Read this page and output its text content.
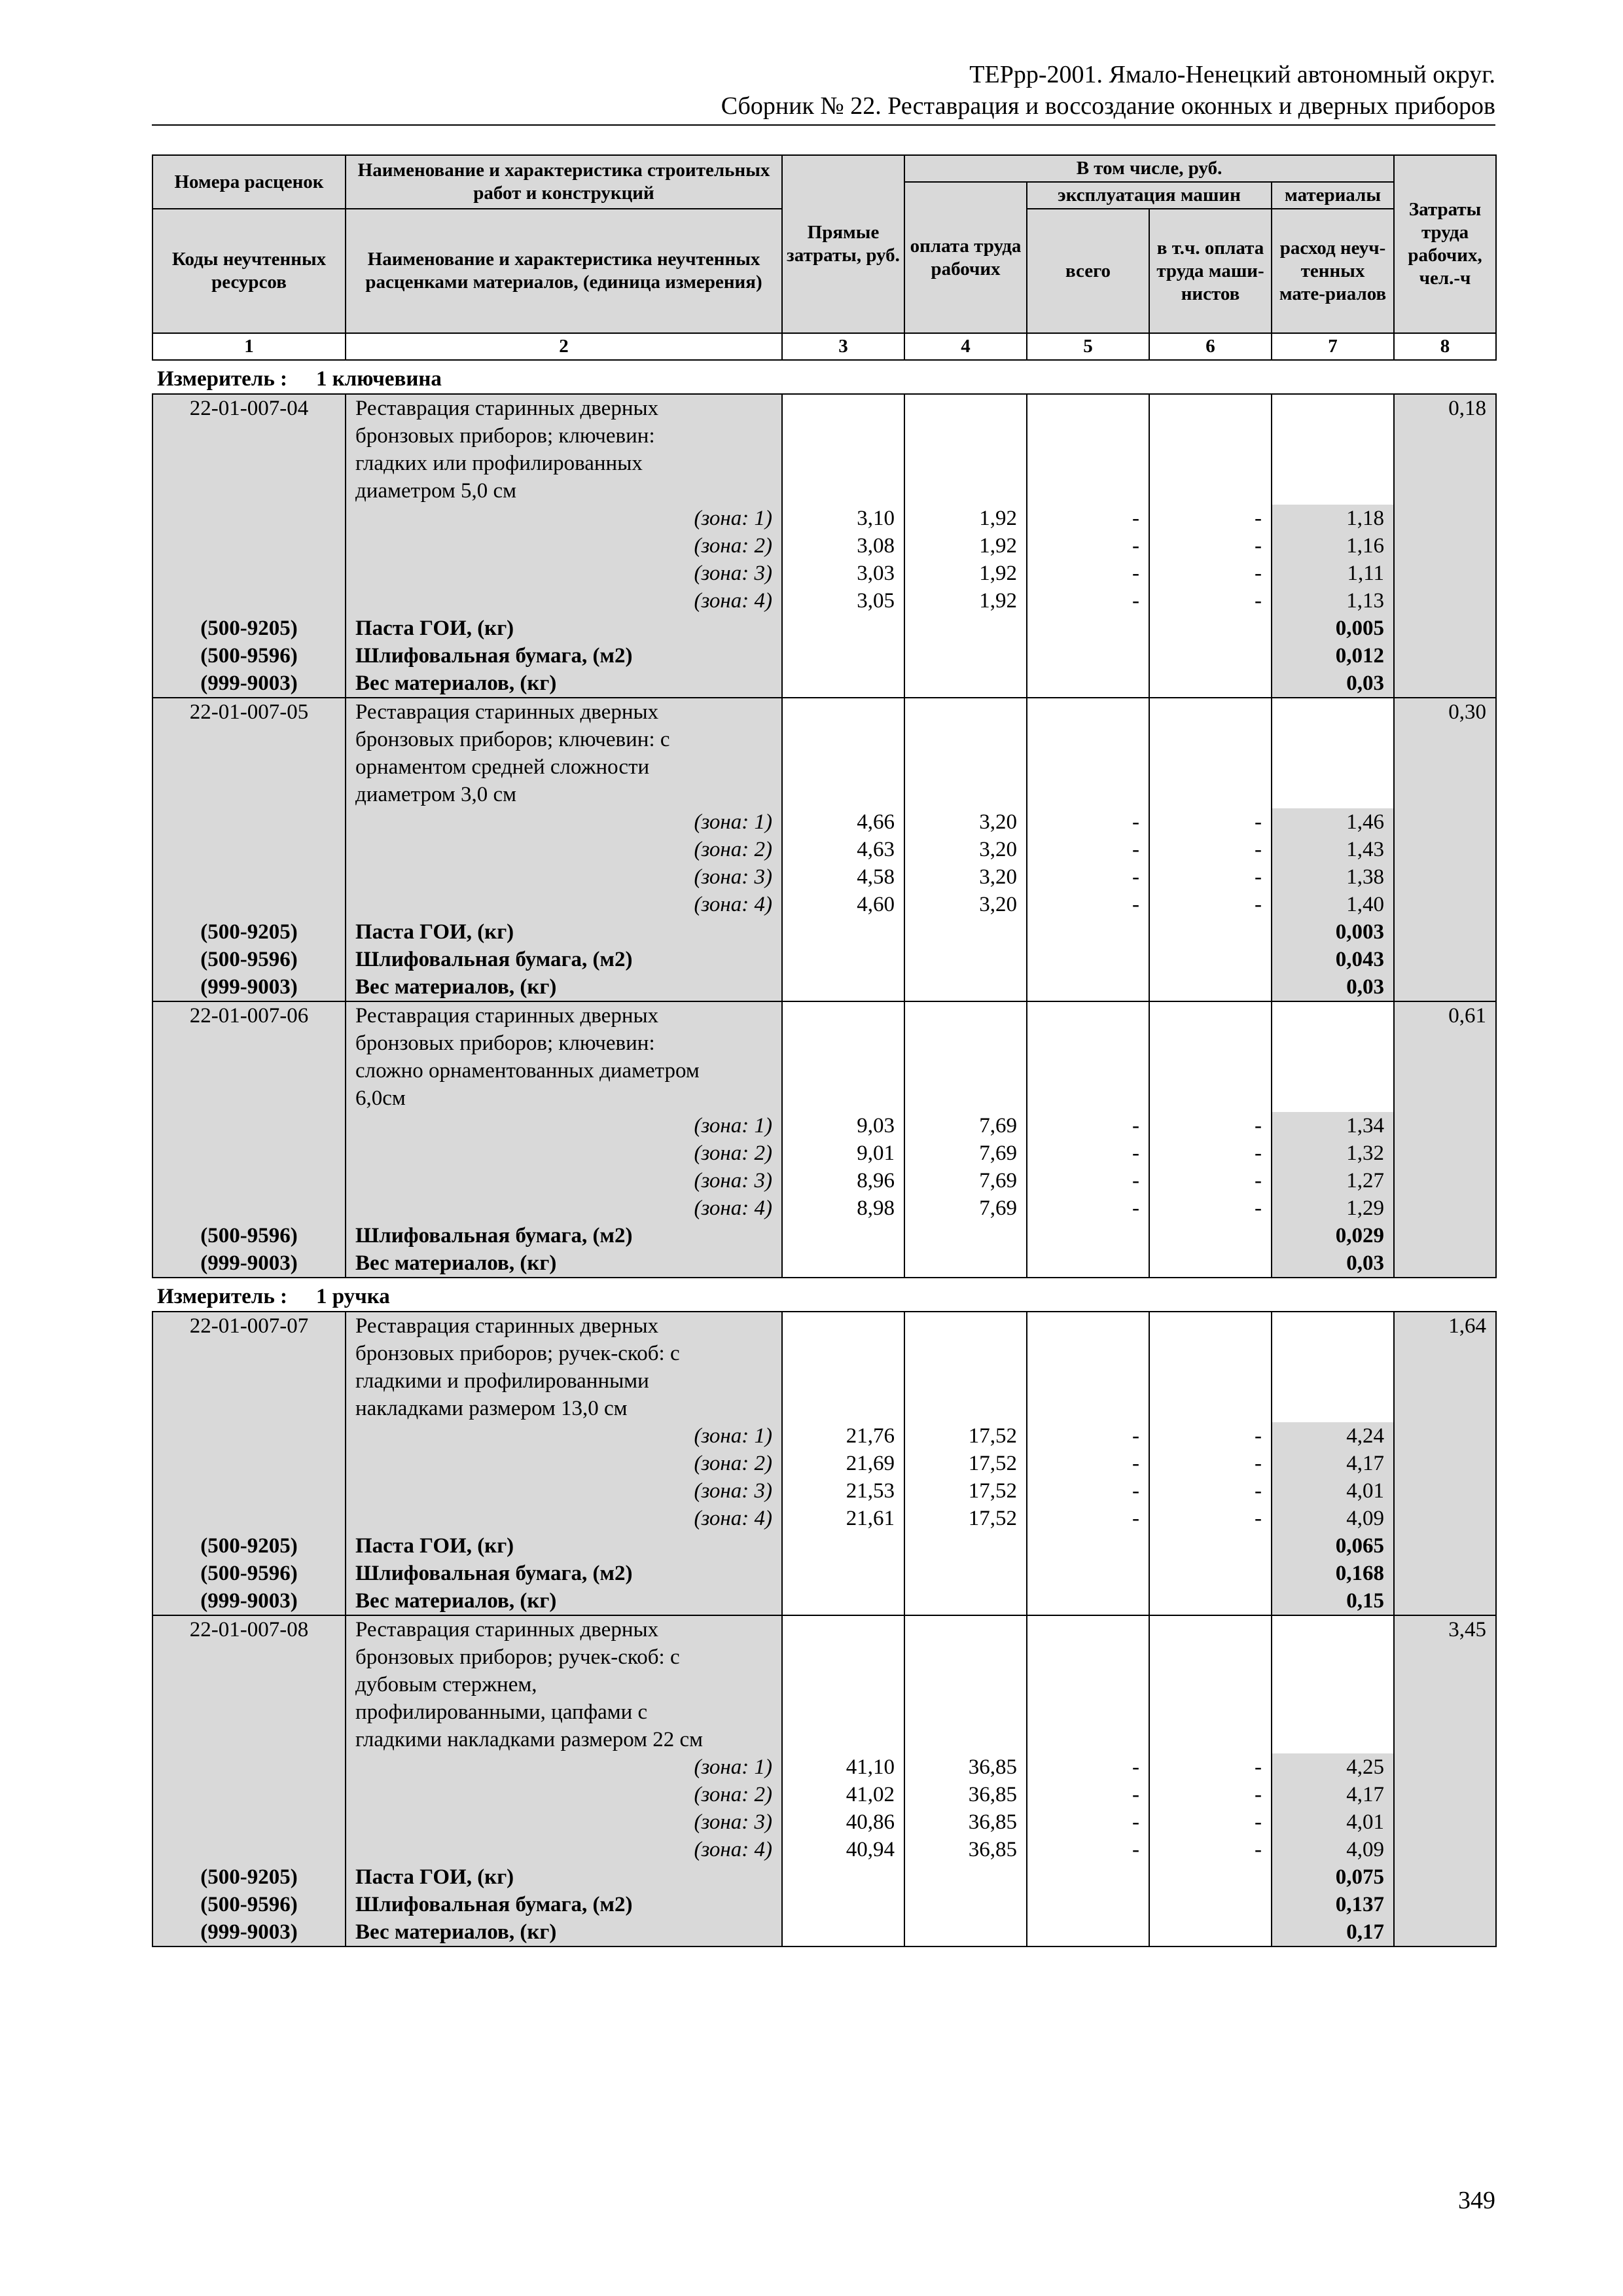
ТЕРрр-2001. Ямало-Ненецкий автономный округ.
Сборник № 22. Реставрация и воссоздание оконных и дверных приборов
Номера расценок	Наименование и характеристика строительных работ и конструкций	Прямые затраты, руб.	В том числе, руб.				Затраты труда рабочих, чел.-ч
			оплата труда рабочих	эксплуатация машин		материалы	
Коды неучтенных ресурсов	Наименование и характеристика неучтенных расценками материалов, (единица измерения)			всего	в т.ч. оплата труда маши-нистов	расход неуч-тенных мате-риалов	
1	2	3	4	5	6	7	8
Измеритель : 1 ключевина
22-01-007-04	Реставрация старинных дверных						0,18
	бронзовых приборов; ключевин:						
	гладких или профилированных						
	диаметром 5,0 см						
	(зона: 1)	3,10	1,92	-	-	1,18	
	(зона: 2)	3,08	1,92	-	-	1,16	
	(зона: 3)	3,03	1,92	-	-	1,11	
	(зона: 4)	3,05	1,92	-	-	1,13	
(500-9205)	Паста ГОИ, (кг)					0,005	
(500-9596)	Шлифовальная бумага, (м2)					0,012	
(999-9003)	Вес материалов, (кг)					0,03	
22-01-007-05	Реставрация старинных дверных						0,30
	бронзовых приборов; ключевин: с						
	орнаментом средней сложности						
	диаметром 3,0 см						
	(зона: 1)	4,66	3,20	-	-	1,46	
	(зона: 2)	4,63	3,20	-	-	1,43	
	(зона: 3)	4,58	3,20	-	-	1,38	
	(зона: 4)	4,60	3,20	-	-	1,40	
(500-9205)	Паста ГОИ, (кг)					0,003	
(500-9596)	Шлифовальная бумага, (м2)					0,043	
(999-9003)	Вес материалов, (кг)					0,03	
22-01-007-06	Реставрация старинных дверных						0,61
	бронзовых приборов; ключевин:						
	сложно орнаментованных диаметром						
	6,0см						
	(зона: 1)	9,03	7,69	-	-	1,34	
	(зона: 2)	9,01	7,69	-	-	1,32	
	(зона: 3)	8,96	7,69	-	-	1,27	
	(зона: 4)	8,98	7,69	-	-	1,29	
(500-9596)	Шлифовальная бумага, (м2)					0,029	
(999-9003)	Вес материалов, (кг)					0,03	
Измеритель : 1 ручка
22-01-007-07	Реставрация старинных дверных						1,64
	бронзовых приборов; ручек-скоб: с						
	гладкими и профилированными						
	накладками размером 13,0 см						
	(зона: 1)	21,76	17,52	-	-	4,24	
	(зона: 2)	21,69	17,52	-	-	4,17	
	(зона: 3)	21,53	17,52	-	-	4,01	
	(зона: 4)	21,61	17,52	-	-	4,09	
(500-9205)	Паста ГОИ, (кг)					0,065	
(500-9596)	Шлифовальная бумага, (м2)					0,168	
(999-9003)	Вес материалов, (кг)					0,15	
22-01-007-08	Реставрация старинных дверных						3,45
	бронзовых приборов; ручек-скоб: с						
	дубовым стержнем,						
	профилированными, цапфами с						
	гладкими накладками размером 22 см						
	(зона: 1)	41,10	36,85	-	-	4,25	
	(зона: 2)	41,02	36,85	-	-	4,17	
	(зона: 3)	40,86	36,85	-	-	4,01	
	(зона: 4)	40,94	36,85	-	-	4,09	
(500-9205)	Паста ГОИ, (кг)					0,075	
(500-9596)	Шлифовальная бумага, (м2)					0,137	
(999-9003)	Вес материалов, (кг)					0,17	
349
